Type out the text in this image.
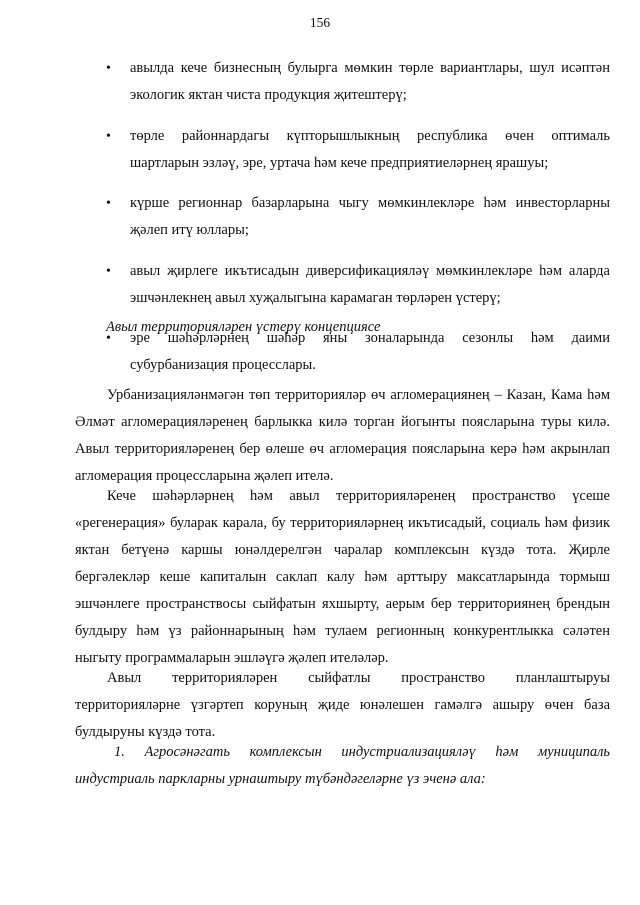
156
• авылда кече бизнесның булырга мөмкин төрле вариантлары, шул исәптән экологик яктан чиста продукция җитештерү;
• төрле районнардагы күпторышлыкның республика өчен оптималь шартларын эзләү, эре, уртача һәм кече предприятиеләрнең ярашуы;
• күрше регионнар базарларына чыгу мөмкинлекләре һәм инвесторларны җәлеп итү юллары;
• авыл җирлеге икътисадын диверсификацияләү мөмкинлекләре һәм аларда эшчәнлекнең авыл хуҗалыгына карамаган төрләрен үстерү;
• эре шәһәрләрнең шәһәр яны зоналарында сезонлы һәм даими субурбанизация процесслары.
Авыл территорияләрен үстерү концепциясе

Урбанизацияләнмәгән төп территорияләр өч агломерациянең – Казан, Кама һәм Әлмәт агломерацияләренең барлыкка килә торган йогынты поясларына туры килә. Авыл территорияләренең бер өлеше өч агломерация поясларына керә һәм акрынлап агломерация процессларына җәлеп ителә.

Кече шәһәрләрнең һәм авыл территорияләренең пространство үсеше «регенерация» буларак карала, бу территорияләрнең икътисадый, социаль һәм физик яктан бетүенә каршы юнәлдерелгән чаралар комплексын күздә тота. Җирле бергәлекләр кеше капиталын саклап калу һәм арттыру максатларында тормыш эшчәнлеге пространствосы сыйфатын яхшырту, аерым бер территориянең брендын булдыру һәм үз районнарының һәм тулаем регионның конкурентлыкка сәләтен ныгыту программаларын эшләүгә җәлеп ителәләр.

Авыл территорияләрен сыйфатлы пространство планлаштыруы территорияләрне үзгәртеп коруның җиде юнәлешен гамәлгә ашыру өчен база булдыруны күздә тота.

1. Агросәнәгать комплексын индустриализацияләү һәм муниципаль индустриаль паркларны урнаштыру түбәндәгеләрне үз эченә ала:
